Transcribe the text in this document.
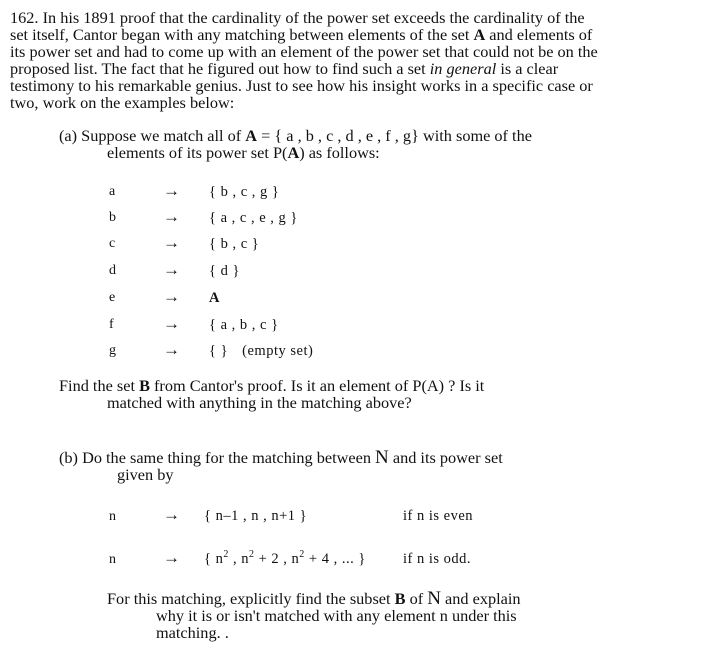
162. In his 1891 proof that the cardinality of the power set exceeds the cardinality of the
set itself, Cantor began with any matching between elements of the set A and elements of
its power set and had to come up with an element of the power set that could not be on the
proposed list. The fact that he figured out how to find such a set in general is a clear
testimony to his remarkable genius. Just to see how his insight works in a specific case or
two, work on the examples below:
(a) Suppose we match all of A = { a , b , c , d , e , f , g} with some of the
elements of its power set P(A) as follows:
a	→ { b , c , g }
b	→ { a , c , e , g }
c	→ { b , c }
d	→ { d }
e	→ A
f	→ { a , b , c }
g	→ { } (empty set)
Find the set B from Cantor's proof. Is it an element of P(A) ? Is it
matched with anything in the matching above?
(b) Do the same thing for the matching between N and its power set
given by
n	→ { n–1 , n , n+1 }	if n is even
n	→ { $n^2$ , $n^2 + 2$ , $n^2 + 4$ , ... }	if n is odd.
For this matching, explicitly find the subset B of N and explain
why it is or isn't matched with any element n under this
matching. .
